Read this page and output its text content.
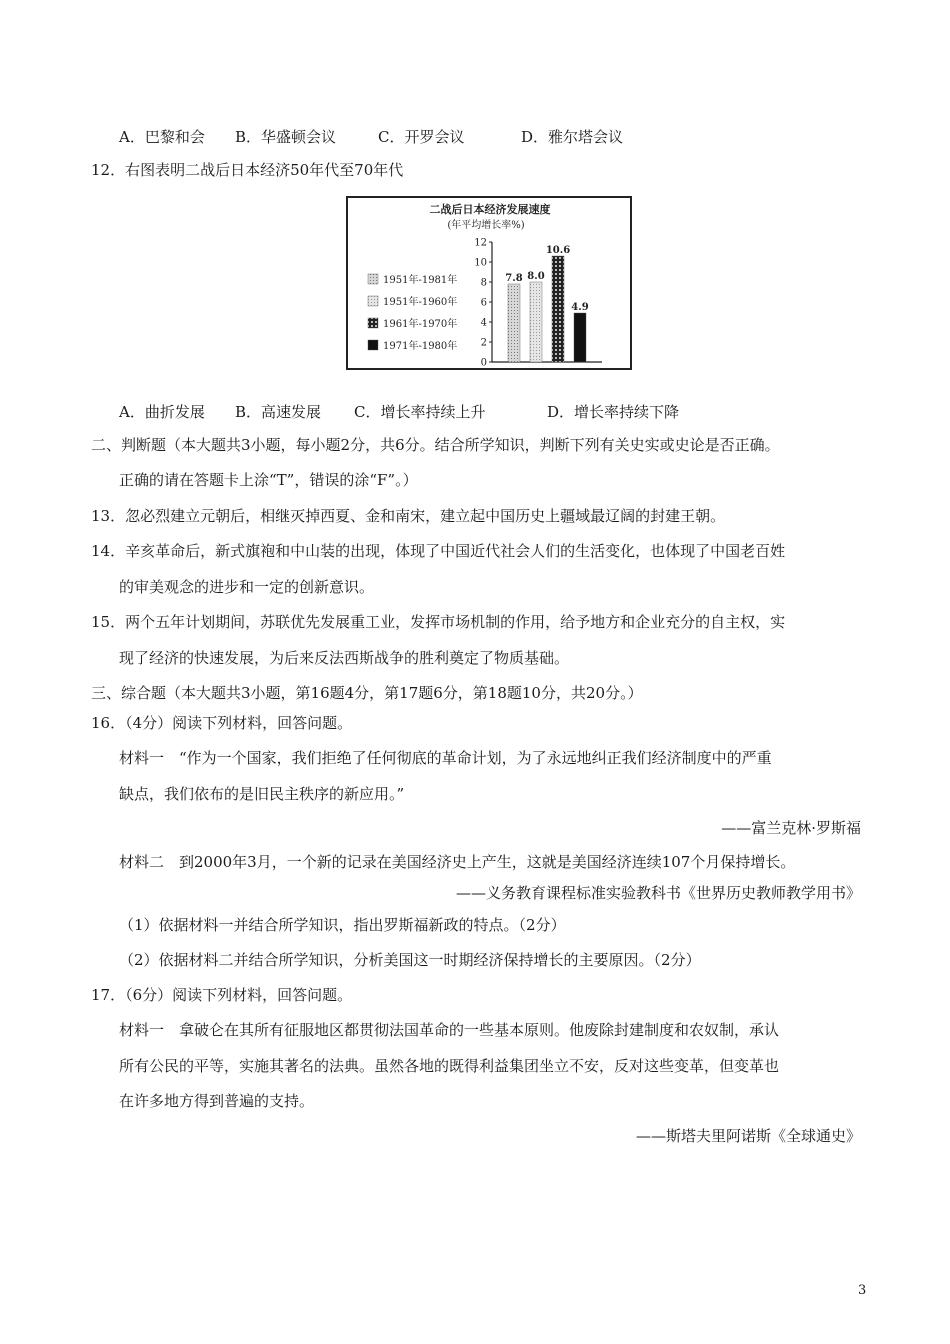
A．巴黎和会 B．华盛顿会议	C．开罗会议	D．雅尔塔会议
12．右图表明二战后日本经济50年代至70年代
二战后日本经济发展速度
(年平均增长率%)
0
2
4
6
8
10
12
7.8 8.0
10.6
4.9
1951年-1981年
1951年-1960年
1961年-1970年
1971年-1980年
A．曲折发展 B．高速发展 C．增长率持续上升	D．增长率持续下降
二、判断题（本大题共3小题，每小题2分，共6分。结合所学知识，判断下列有关史实或史论是否正确。
正确的请在答题卡上涂“T”，错误的涂“F”。）
13．忽必烈建立元朝后，相继灭掉西夏、金和南宋，建立起中国历史上疆域最辽阔的封建王朝。
14．辛亥革命后，新式旗袍和中山装的出现，体现了中国近代社会人们的生活变化，也体现了中国老百姓
的审美观念的进步和一定的创新意识。
15．两个五年计划期间，苏联优先发展重工业，发挥市场机制的作用，给予地方和企业充分的自主权，实
现了经济的快速发展，为后来反法西斯战争的胜利奠定了物质基础。
三、综合题（本大题共3小题，第16题4分，第17题6分，第18题10分，共20分。）
16．（4分）阅读下列材料，回答问题。
材料一　“作为一个国家，我们拒绝了任何彻底的革命计划，为了永远地纠正我们经济制度中的严重
缺点，我们依布的是旧民主秩序的新应用。”
——富兰克林·罗斯福
材料二　到2000年3月，一个新的记录在美国经济史上产生，这就是美国经济连续107个月保持增长。
——义务教育课程标准实验教科书《世界历史教师教学用书》
（1）依据材料一并结合所学知识，指出罗斯福新政的特点。（2分）
（2）依据材料二并结合所学知识，分析美国这一时期经济保持增长的主要原因。（2分）
17．（6分）阅读下列材料，回答问题。
材料一　拿破仑在其所有征服地区都贯彻法国革命的一些基本原则。他废除封建制度和农奴制，承认
所有公民的平等，实施其著名的法典。虽然各地的既得利益集团坐立不安，反对这些变革，但变革也
在许多地方得到普遍的支持。
——斯塔夫里阿诺斯《全球通史》
3
